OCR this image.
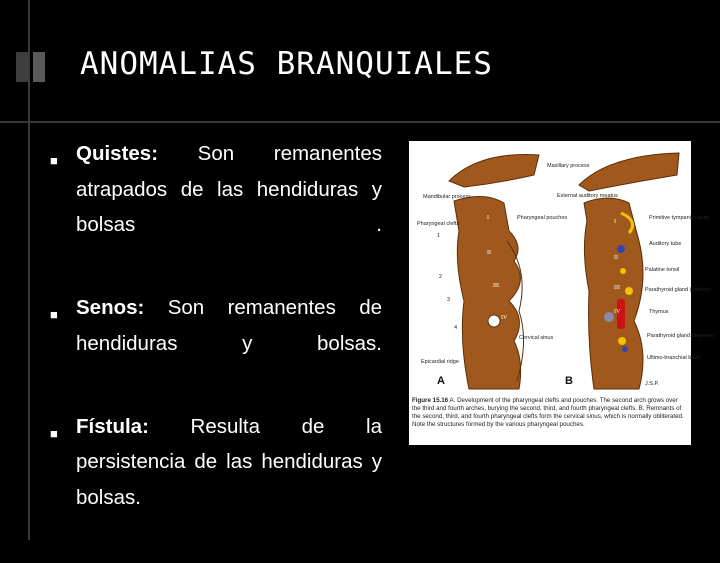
ANOMALIAS BRANQUIALES
■ Quistes: Son remanentes atrapados de las hendiduras y bolsas .
■ Senos: Son remanentes de hendiduras y bolsas.
■ Fístula: Resulta de la persistencia de las hendiduras y bolsas.
I
II
III
IV
1
2
3
4
Mandibular process
Pharyngeal clefts
Pharyngeal pouches
Epicardial ridge
Cervical sinus
A
I
II
III
IV
Maxillary process
External auditory meatus
Primitive tympanic cavity
Auditory tube
Palatine tonsil
Parathyroid gland (inferior)
Thymus
Parathyroid gland (superior)
Ultimo-branchial body
J.S.P.
B
Figure 15.16 A. Development of the pharyngeal clefts and pouches. The second arch grows over the third and fourth arches, burying the second, third, and fourth pharyngeal clefts. B. Remnants of the second, third, and fourth pharyngeal clefts form the cervical sinus, which is normally obliterated. Note the structures formed by the various pharyngeal pouches.
